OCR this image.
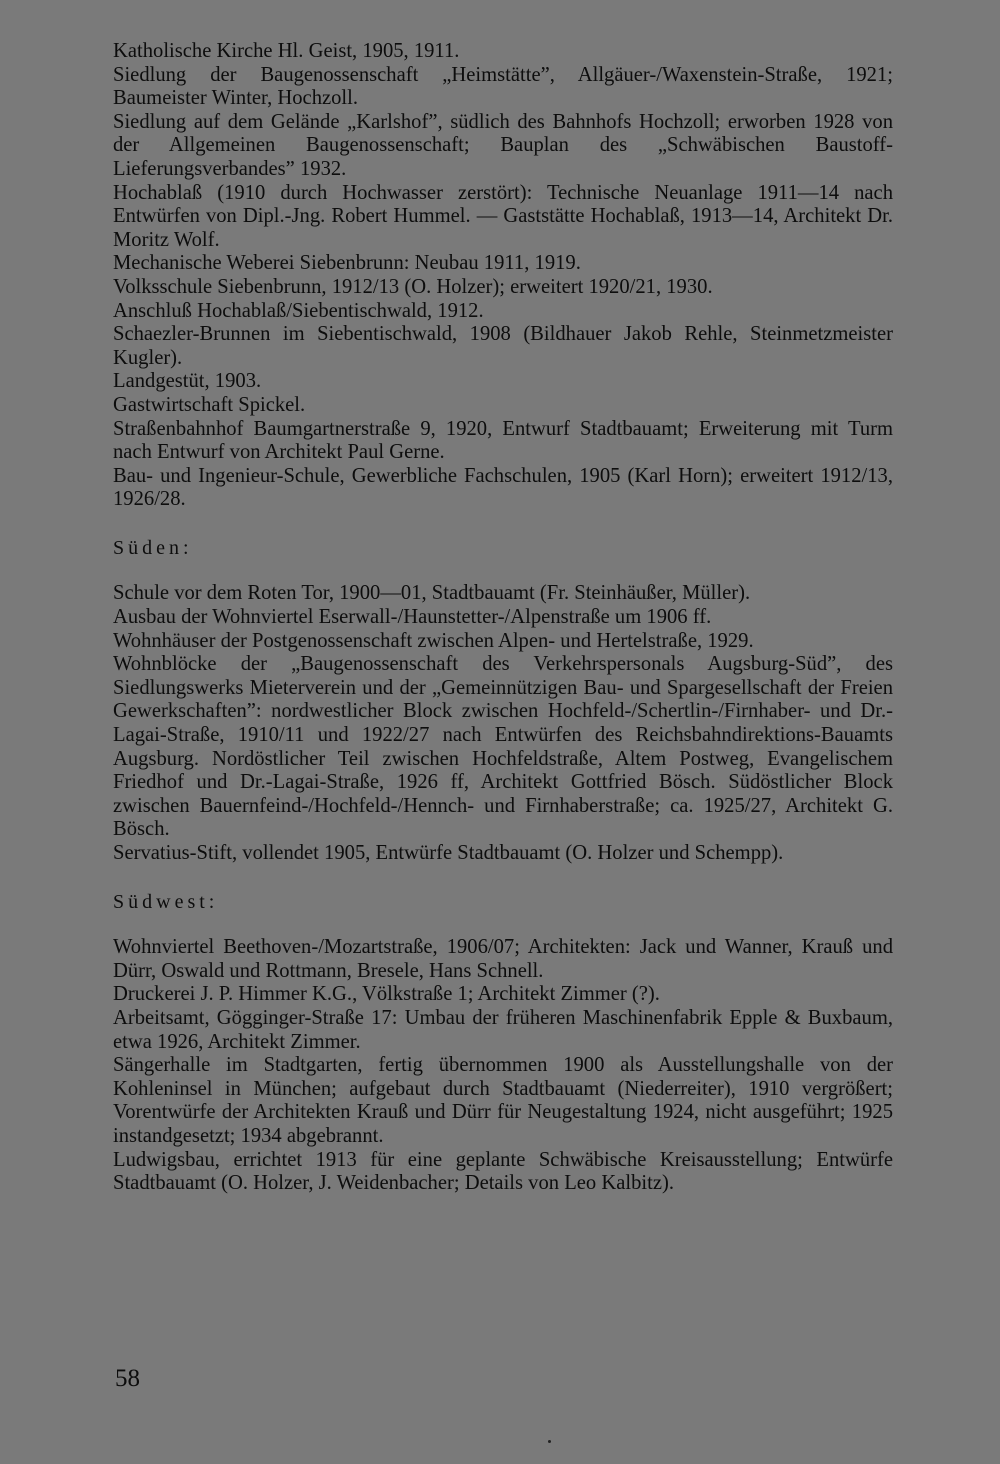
Katholische Kirche Hl. Geist, 1905, 1911.

Siedlung der Baugenossenschaft „Heimstätte”, Allgäuer-/Waxenstein-Straße, 1921; Baumeister Winter, Hochzoll.

Siedlung auf dem Gelände „Karlshof”, südlich des Bahnhofs Hochzoll; erworben 1928 von der Allgemeinen Baugenossenschaft; Bauplan des „Schwäbischen Baustoff-Lieferungsverbandes” 1932.

Hochablaß (1910 durch Hochwasser zerstört): Technische Neuanlage 1911—14 nach Entwürfen von Dipl.-Jng. Robert Hummel. — Gaststätte Hochablaß, 1913—14, Architekt Dr. Moritz Wolf.

Mechanische Weberei Siebenbrunn: Neubau 1911, 1919.

Volksschule Siebenbrunn, 1912/13 (O. Holzer); erweitert 1920/21, 1930.

Anschluß Hochablaß/Siebentischwald, 1912.

Schaezler-Brunnen im Siebentischwald, 1908 (Bildhauer Jakob Rehle, Steinmetzmeister Kugler).

Landgestüt, 1903.

Gastwirtschaft Spickel.

Straßenbahnhof Baumgartnerstraße 9, 1920, Entwurf Stadtbauamt; Erweiterung mit Turm nach Entwurf von Architekt Paul Gerne.

Bau- und Ingenieur-Schule, Gewerbliche Fachschulen, 1905 (Karl Horn); erweitert 1912/13, 1926/28.

Süden:

Schule vor dem Roten Tor, 1900—01, Stadtbauamt (Fr. Steinhäußer, Müller).

Ausbau der Wohnviertel Eserwall-/Haunstetter-/Alpenstraße um 1906 ff.

Wohnhäuser der Postgenossenschaft zwischen Alpen- und Hertelstraße, 1929.

Wohnblöcke der „Baugenossenschaft des Verkehrspersonals Augsburg-Süd”, des Siedlungswerks Mieterverein und der „Gemeinnützigen Bau- und Spargesellschaft der Freien Gewerkschaften”: nordwestlicher Block zwischen Hochfeld-/Schertlin-/Firnhaber- und Dr.-Lagai-Straße, 1910/11 und 1922/27 nach Entwürfen des Reichsbahndirektions-Bauamts Augsburg. Nordöstlicher Teil zwischen Hochfeldstraße, Altem Postweg, Evangelischem Friedhof und Dr.-Lagai-Straße, 1926 ff, Architekt Gottfried Bösch. Südöstlicher Block zwischen Bauernfeind-/Hochfeld-/Hennch- und Firnhaberstraße; ca. 1925/27, Architekt G. Bösch.

Servatius-Stift, vollendet 1905, Entwürfe Stadtbauamt (O. Holzer und Schempp).

Südwest:

Wohnviertel Beethoven-/Mozartstraße, 1906/07; Architekten: Jack und Wanner, Krauß und Dürr, Oswald und Rottmann, Bresele, Hans Schnell.

Druckerei J. P. Himmer K.G., Völkstraße 1; Architekt Zimmer (?).

Arbeitsamt, Gögginger-Straße 17: Umbau der früheren Maschinenfabrik Epple & Buxbaum, etwa 1926, Architekt Zimmer.

Sängerhalle im Stadtgarten, fertig übernommen 1900 als Ausstellungshalle von der Kohleninsel in München; aufgebaut durch Stadtbauamt (Niederreiter), 1910 vergrößert; Vorentwürfe der Architekten Krauß und Dürr für Neugestaltung 1924, nicht ausgeführt; 1925 instandgesetzt; 1934 abgebrannt.

Ludwigsbau, errichtet 1913 für eine geplante Schwäbische Kreisausstellung; Entwürfe Stadtbauamt (O. Holzer, J. Weidenbacher; Details von Leo Kalbitz).

58
